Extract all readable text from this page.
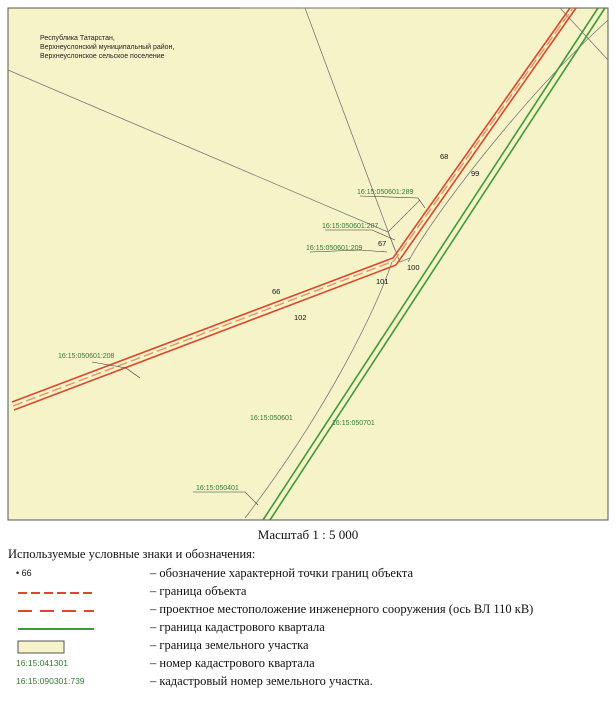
Республика Татарстан,
Верхнеуслонский муниципальный район,
Верхнеуслонское сельское поселение
16:15:050601:208
16:15:050601:209
16:15:050601:207
16:15:050601:289
16:15:050601
16:15:050701
16:15:050401
66
102
67
101
100
68
99
Масштаб 1 : 5 000
Используемые условные знаки и обозначения:
• 66	– обозначение характерной точки границ объекта
– граница объекта
– проектное местоположение инженерного сооружения (ось ВЛ 110 кВ)
– граница кадастрового квартала
– граница земельного участка
16:15:041301	– номер кадастрового квартала
16:15:090301:739	– кадастровый номер земельного участка.
